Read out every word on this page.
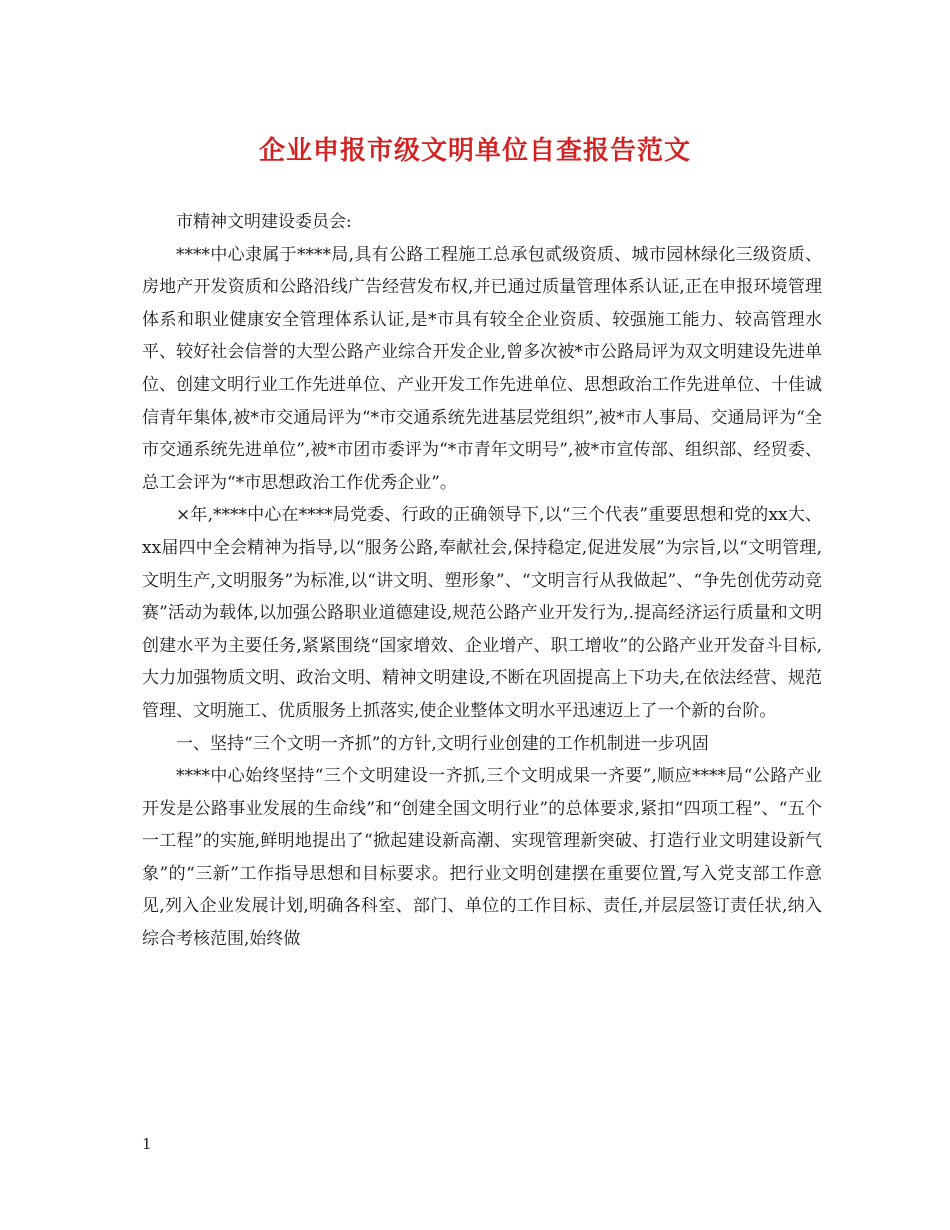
企业申报市级文明单位自查报告范文

市精神文明建设委员会:

****中心隶属于****局,具有公路工程施工总承包贰级资质、城市园林绿化三级资质、房地产开发资质和公路沿线广告经营发布权,并已通过质量管理体系认证,正在申报环境管理体系和职业健康安全管理体系认证,是*市具有较全企业资质、较强施工能力、较高管理水平、较好社会信誉的大型公路产业综合开发企业,曾多次被*市公路局评为双文明建设先进单位、创建文明行业工作先进单位、产业开发工作先进单位、思想政治工作先进单位、十佳诚信青年集体,被*市交通局评为“*市交通系统先进基层党组织”,被*市人事局、交通局评为“全市交通系统先进单位”,被*市团市委评为“*市青年文明号”,被*市宣传部、组织部、经贸委、总工会评为“*市思想政治工作优秀企业”。

×年,****中心在****局党委、行政的正确领导下,以“三个代表”重要思想和党的xx大、xx届四中全会精神为指导,以“服务公路,奉献社会,保持稳定,促进发展”为宗旨,以“文明管理,文明生产,文明服务”为标准,以“讲文明、塑形象”、“文明言行从我做起”、“争先创优劳动竞赛”活动为载体,以加强公路职业道德建设,规范公路产业开发行为,.提高经济运行质量和文明创建水平为主要任务,紧紧围绕“国家增效、企业增产、职工增收”的公路产业开发奋斗目标,大力加强物质文明、政治文明、精神文明建设,不断在巩固提高上下功夫,在依法经营、规范管理、文明施工、优质服务上抓落实,使企业整体文明水平迅速迈上了一个新的台阶。

一、坚持“三个文明一齐抓”的方针,文明行业创建的工作机制进一步巩固

****中心始终坚持“三个文明建设一齐抓,三个文明成果一齐要”,顺应****局“公路产业开发是公路事业发展的生命线”和“创建全国文明行业”的总体要求,紧扣“四项工程”、“五个一工程”的实施,鲜明地提出了“掀起建设新高潮、实现管理新突破、打造行业文明建设新气象”的“三新”工作指导思想和目标要求。把行业文明创建摆在重要位置,写入党支部工作意见,列入企业发展计划,明确各科室、部门、单位的工作目标、责任,并层层签订责任状,纳入综合考核范围,始终做

1
